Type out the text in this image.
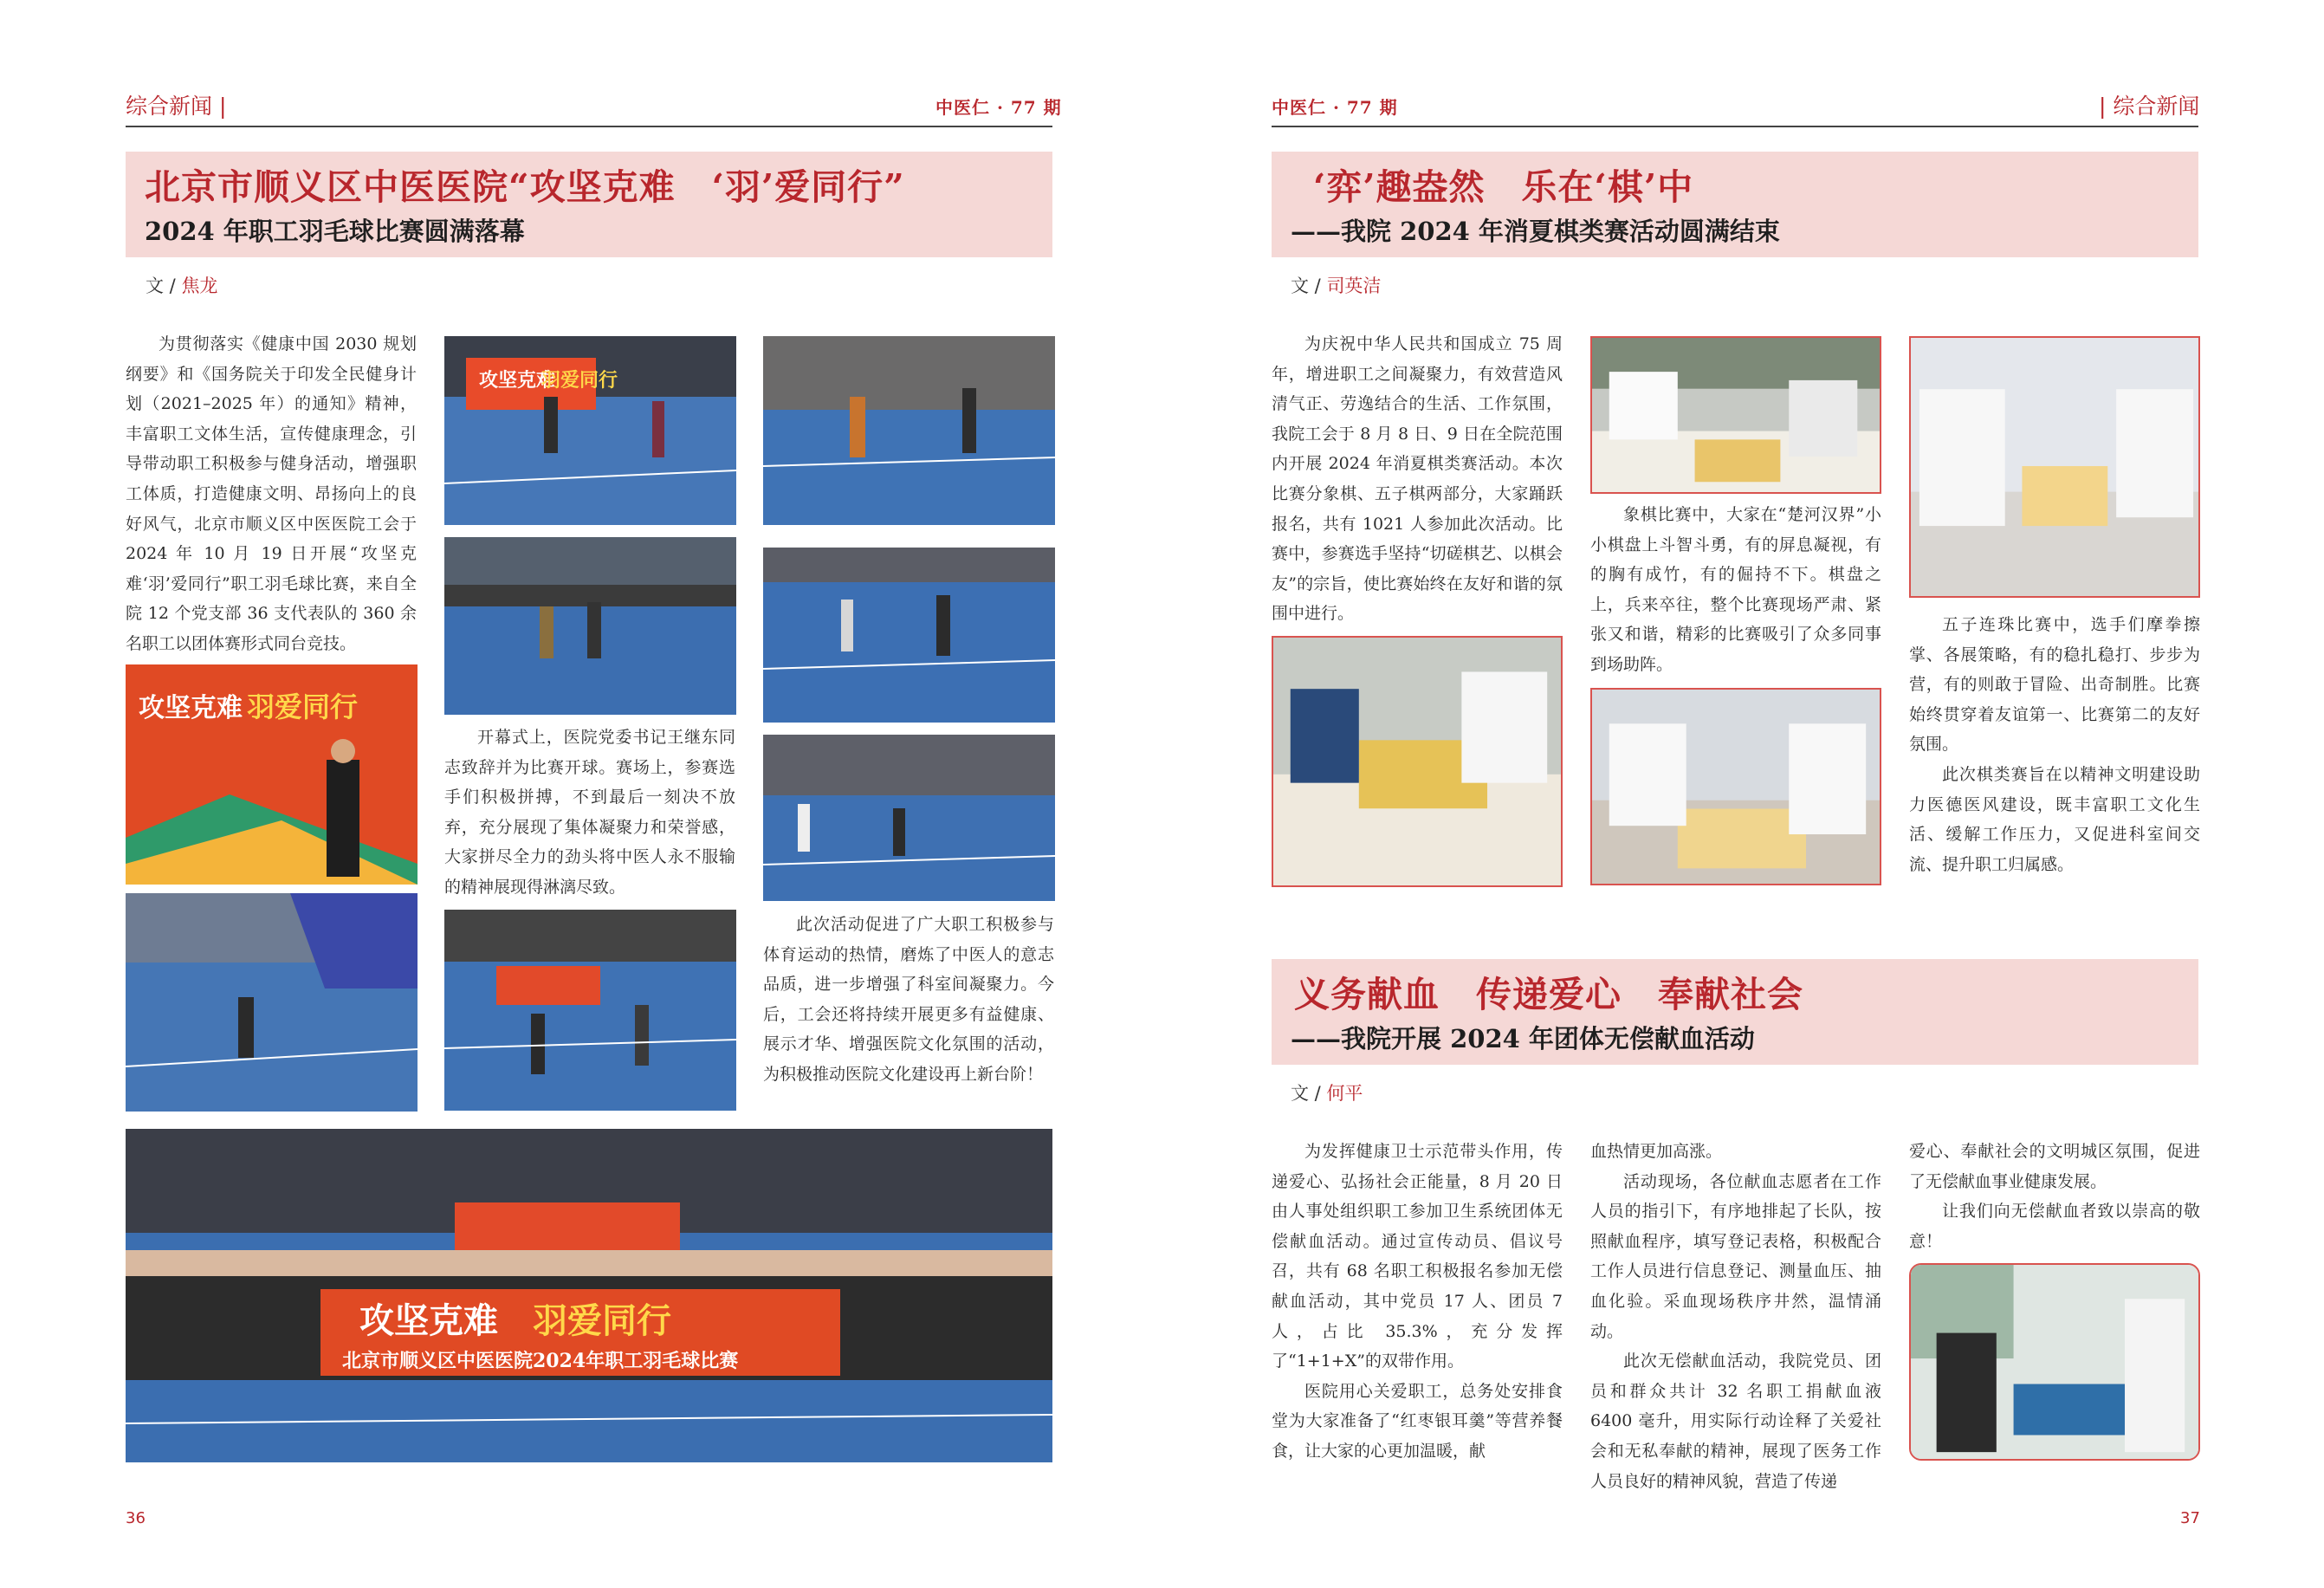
综合新闻 |	中医仁 · 77 期
北京市顺义区中医医院“攻坚克难　‘羽’爱同行”
2024 年职工羽毛球比赛圆满落幕
文 / 焦龙

为贯彻落实《健康中国 2030 规划纲要》和《国务院关于印发全民健身计划（2021–2025 年）的通知》精神，丰富职工文体生活，宣传健康理念，引导带动职工积极参与健身活动，增强职工体质，打造健康文明、昂扬向上的良好风气，北京市顺义区中医医院工会于 2024 年 10 月 19 日开展“攻坚克难‘羽’爱同行”职工羽毛球比赛，来自全院 12 个党支部 36 支代表队的 360 余名职工以团体赛形式同台竞技。

开幕式上，医院党委书记王继东同志致辞并为比赛开球。赛场上，参赛选手们积极拼搏，不到最后一刻决不放弃，充分展现了集体凝聚力和荣誉感，大家拼尽全力的劲头将中医人永不服输的精神展现得淋漓尽致。

此次活动促进了广大职工积极参与体育运动的热情，磨炼了中医人的意志品质，进一步增强了科室间凝聚力。今后，工会还将持续开展更多有益健康、展示才华、增强医院文化氛围的活动，为积极推动医院文化建设再上新台阶！

攻坚克难
羽爱同行
攻坚克难 羽爱同行
攻坚克难 羽爱同行
北京市顺义区中医医院2024年职工羽毛球比赛
36
中医仁 · 77 期	| 综合新闻
‘弈’趣盎然　乐在‘棋’中
——我院 2024 年消夏棋类赛活动圆满结束
文 / 司英洁

为庆祝中华人民共和国成立 75 周年，增进职工之间凝聚力，有效营造风清气正、劳逸结合的生活、工作氛围，我院工会于 8 月 8 日、9 日在全院范围内开展 2024 年消夏棋类赛活动。本次比赛分象棋、五子棋两部分，大家踊跃报名，共有 1021 人参加此次活动。比赛中，参赛选手坚持“切磋棋艺、以棋会友”的宗旨，使比赛始终在友好和谐的氛围中进行。

象棋比赛中，大家在“楚河汉界”小小棋盘上斗智斗勇，有的屏息凝视，有的胸有成竹，有的倔持不下。棋盘之上，兵来卒往，整个比赛现场严肃、紧张又和谐，精彩的比赛吸引了众多同事到场助阵。

五子连珠比赛中，选手们摩拳擦掌、各展策略，有的稳扎稳打、步步为营，有的则敢于冒险、出奇制胜。比赛始终贯穿着友谊第一、比赛第二的友好氛围。

此次棋类赛旨在以精神文明建设助力医德医风建设，既丰富职工文化生活、缓解工作压力，又促进科室间交流、提升职工归属感。

义务献血　传递爱心　奉献社会
——我院开展 2024 年团体无偿献血活动
文 / 何平

为发挥健康卫士示范带头作用，传递爱心、弘扬社会正能量，8 月 20 日由人事处组织职工参加卫生系统团体无偿献血活动。通过宣传动员、倡议号召，共有 68 名职工积极报名参加无偿献血活动，其中党员 17 人、团员 7 人，占比 35.3%，充分发挥了“1+1+X”的双带作用。

医院用心关爱职工，总务处安排食堂为大家准备了“红枣银耳羹”等营养餐食，让大家的心更加温暖，献

血热情更加高涨。

活动现场，各位献血志愿者在工作人员的指引下，有序地排起了长队，按照献血程序，填写登记表格，积极配合工作人员进行信息登记、测量血压、抽血化验。采血现场秩序井然，温情涌动。

此次无偿献血活动，我院党员、团员和群众共计 32 名职工捐献血液 6400 毫升，用实际行动诠释了关爱社会和无私奉献的精神，展现了医务工作人员良好的精神风貌，营造了传递

爱心、奉献社会的文明城区氛围，促进了无偿献血事业健康发展。

让我们向无偿献血者致以崇高的敬意！

37
